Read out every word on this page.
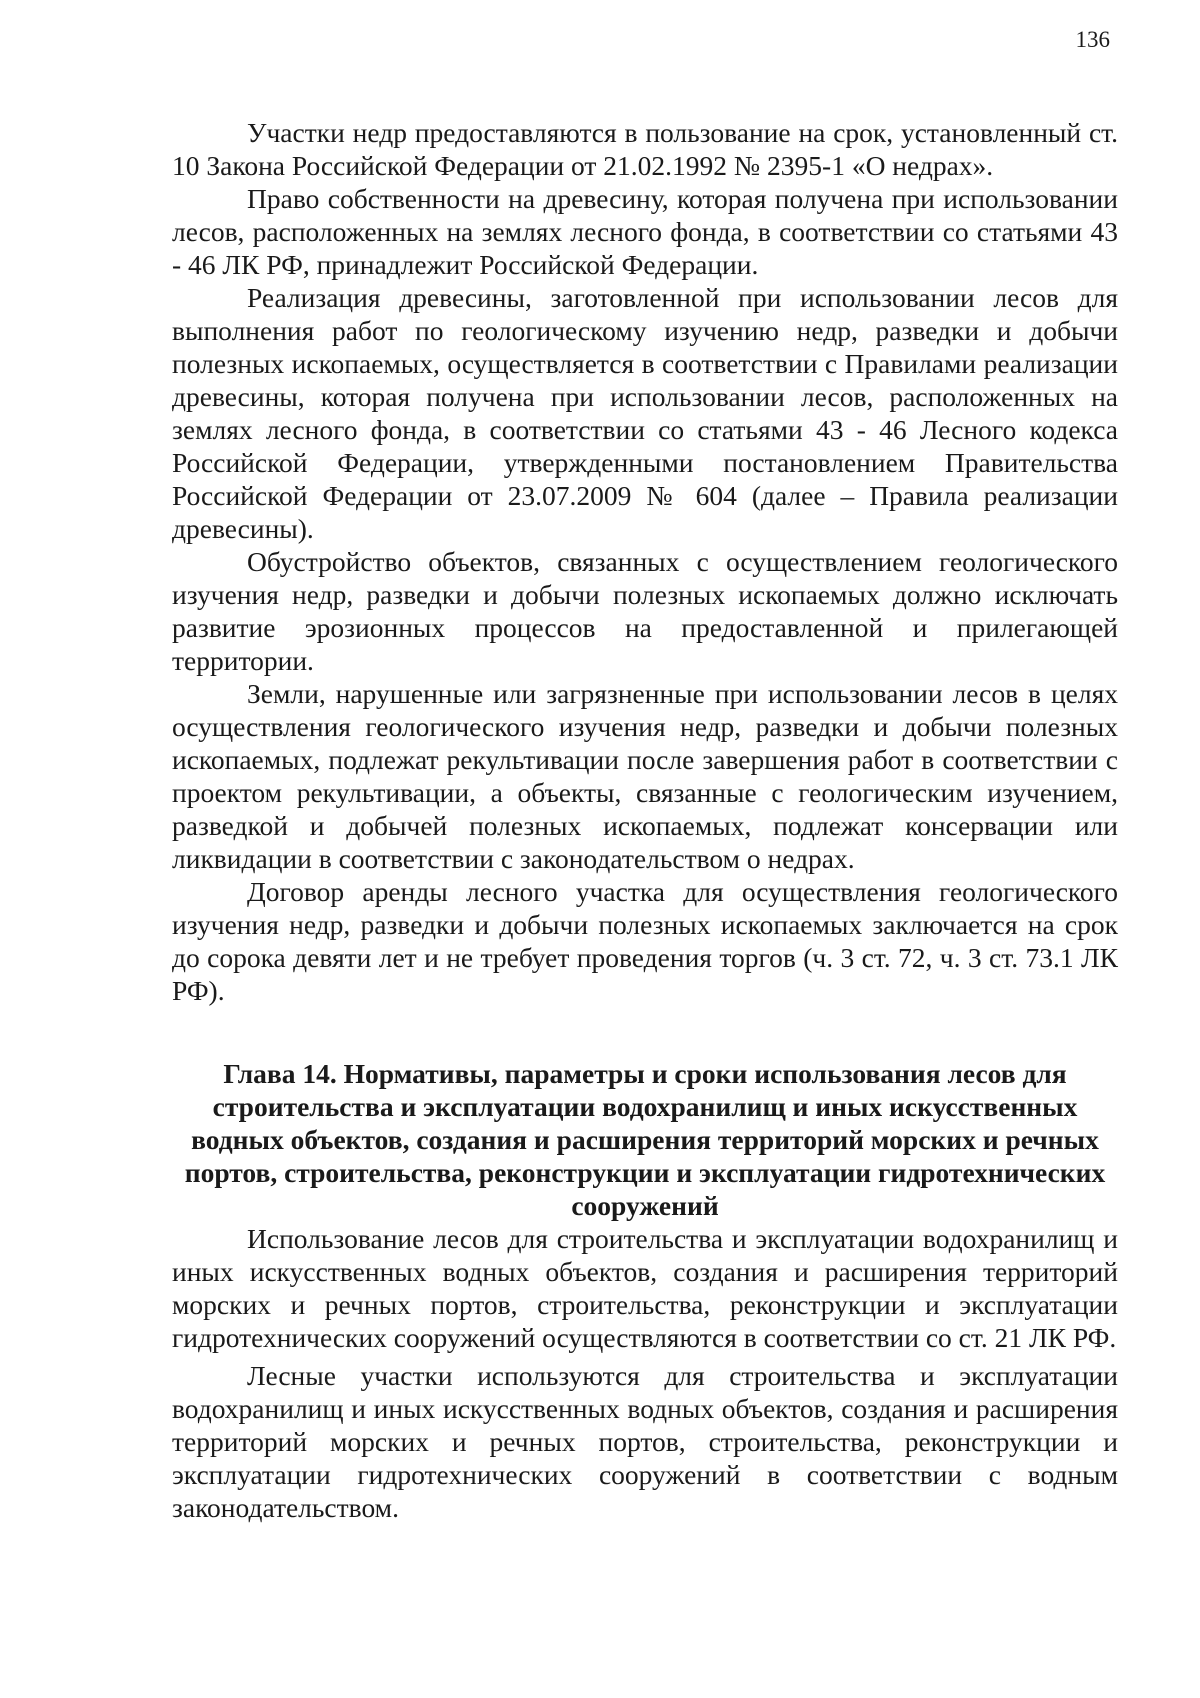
136

Участки недр предоставляются в пользование на срок, установленный ст. 10 Закона Российской Федерации от 21.02.1992 № 2395-1 «О недрах».

Право собственности на древесину, которая получена при использовании лесов, расположенных на землях лесного фонда, в соответствии со статьями 43 - 46 ЛК РФ, принадлежит Российской Федерации.

Реализация древесины, заготовленной при использовании лесов для выполнения работ по геологическому изучению недр, разведки и добычи полезных ископаемых, осуществляется в соответствии с Правилами реализации древесины, которая получена при использовании лесов, расположенных на землях лесного фонда, в соответствии со статьями 43 - 46 Лесного кодекса Российской Федерации, утвержденными постановлением Правительства Российской Федерации от 23.07.2009 № 604 (далее – Правила реализации древесины).

Обустройство объектов, связанных с осуществлением геологического изучения недр, разведки и добычи полезных ископаемых должно исключать развитие эрозионных процессов на предоставленной и прилегающей территории.

Земли, нарушенные или загрязненные при использовании лесов в целях осуществления геологического изучения недр, разведки и добычи полезных ископаемых, подлежат рекультивации после завершения работ в соответствии с проектом рекультивации, а объекты, связанные с геологическим изучением, разведкой и добычей полезных ископаемых, подлежат консервации или ликвидации в соответствии с законодательством о недрах.

Договор аренды лесного участка для осуществления геологического изучения недр, разведки и добычи полезных ископаемых заключается на срок до сорока девяти лет и не требует проведения торгов (ч. 3 ст. 72, ч. 3 ст. 73.1 ЛК РФ).

Глава 14. Нормативы, параметры и сроки использования лесов для строительства и эксплуатации водохранилищ и иных искусственных водных объектов, создания и расширения территорий морских и речных портов, строительства, реконструкции и эксплуатации гидротехнических сооружений

Использование лесов для строительства и эксплуатации водохранилищ и иных искусственных водных объектов, создания и расширения территорий морских и речных портов, строительства, реконструкции и эксплуатации гидротехнических сооружений осуществляются в соответствии со ст. 21 ЛК РФ.

Лесные участки используются для строительства и эксплуатации водохранилищ и иных искусственных водных объектов, создания и расширения территорий морских и речных портов, строительства, реконструкции и эксплуатации гидротехнических сооружений в соответствии с водным законодательством.
